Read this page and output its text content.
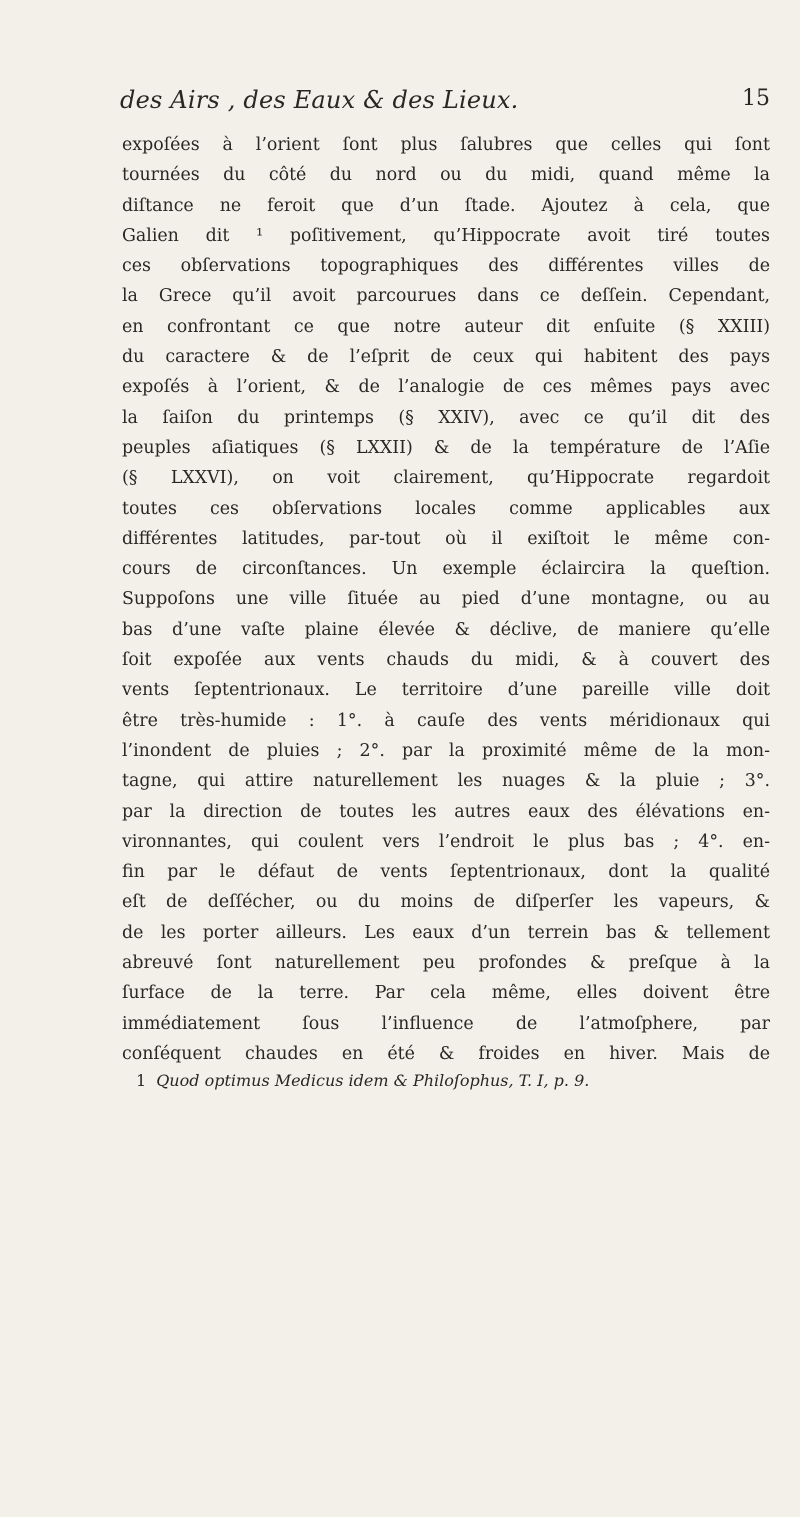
des Airs , des Eaux & des Lieux.	15
expoſées à l’orient ſont plus ſalubres que celles qui ſont
tournées du côté du nord ou du midi, quand même la
diſtance ne feroit que d’un ſtade. Ajoutez à cela, que
Galien dit ¹ poſitivement, qu’Hippocrate avoit tiré toutes
ces obſervations topographiques des différentes villes de
la Grece qu’il avoit parcourues dans ce deſſein. Cependant,
en confrontant ce que notre auteur dit enſuite (§ XXIII)
du caractere & de l’eſprit de ceux qui habitent des pays
expoſés à l’orient, & de l’analogie de ces mêmes pays avec
la ſaiſon du printemps (§ XXIV), avec ce qu’il dit des
peuples aſiatiques (§ LXXII) & de la température de l’Aſie
(§ LXXVI), on voit clairement, qu’Hippocrate regardoit
toutes ces obſervations locales comme applicables aux
différentes latitudes, par-tout où il exiſtoit le même con-
cours de circonſtances. Un exemple éclaircira la queſtion.
Suppoſons une ville ſituée au pied d’une montagne, ou au
bas d’une vaſte plaine élevée & déclive, de maniere qu’elle
ſoit expoſée aux vents chauds du midi, & à couvert des
vents ſeptentrionaux. Le territoire d’une pareille ville doit
être très-humide : 1°. à cauſe des vents méridionaux qui
l’inondent de pluies ; 2°. par la proximité même de la mon-
tagne, qui attire naturellement les nuages & la pluie ; 3°.
par la direction de toutes les autres eaux des élévations en-
vironnantes, qui coulent vers l’endroit le plus bas ; 4°. en-
fin par le défaut de vents ſeptentrionaux, dont la qualité
eſt de deſſécher, ou du moins de diſperſer les vapeurs, &
de les porter ailleurs. Les eaux d’un terrein bas & tellement
abreuvé ſont naturellement peu profondes & preſque à la
ſurface de la terre. Par cela même, elles doivent être
immédiatement ſous l’influence de l’atmoſphere, par
conſéquent chaudes en été & froides en hiver. Mais de
1 Quod optimus Medicus idem & Philoſophus, T. I, p. 9.
